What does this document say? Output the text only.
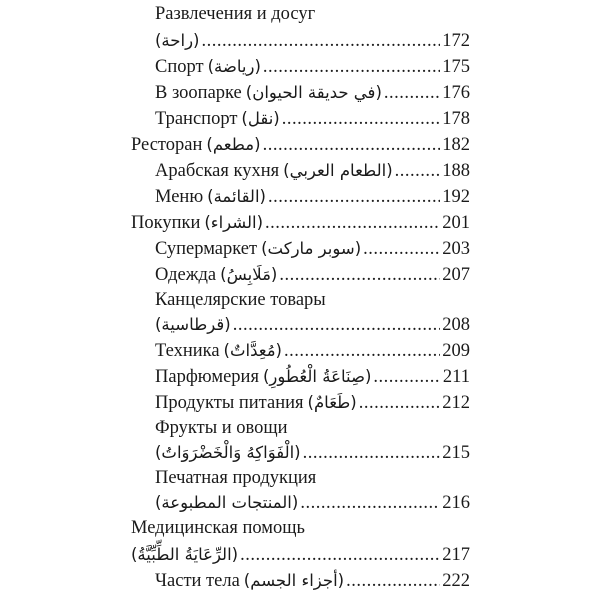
Развлечения и досуг
(راحة) .....	172
Спорт (رياضة) .....	175
В зоопарке (في حديقة الحيوان) .....	176
Транспорт (نقل) .....	178
Ресторан (مطعم) .....	182
Арабская кухня (الطعام العربي) .....	188
Меню (القائمة) .....	192
Покупки (الشراء) .....	201
Супермаркет (سوبر ماركت) .....	203
Одежда (مَلَابِسُ) .....	207
Канцелярские товары
(قرطاسية) .....	208
Техника (مُعِدَّاتٌ) .....	209
Парфюмерия (صِنَاعَةُ الْعُطُورِ) .....	211
Продукты питания (طَعَامٌ) .....	212
Фрукты и овощи
(الْفَوَاكِهُ وَالْخَضْرَوَاتُ) .....	215
Печатная продукция
(المنتجات المطبوعة) .....	216
Медицинская помощь
(الرِّعَايَةُ الطِّبِّيَّةُ) .....	217
Части тела (أجزاء الجسم) .....	222
